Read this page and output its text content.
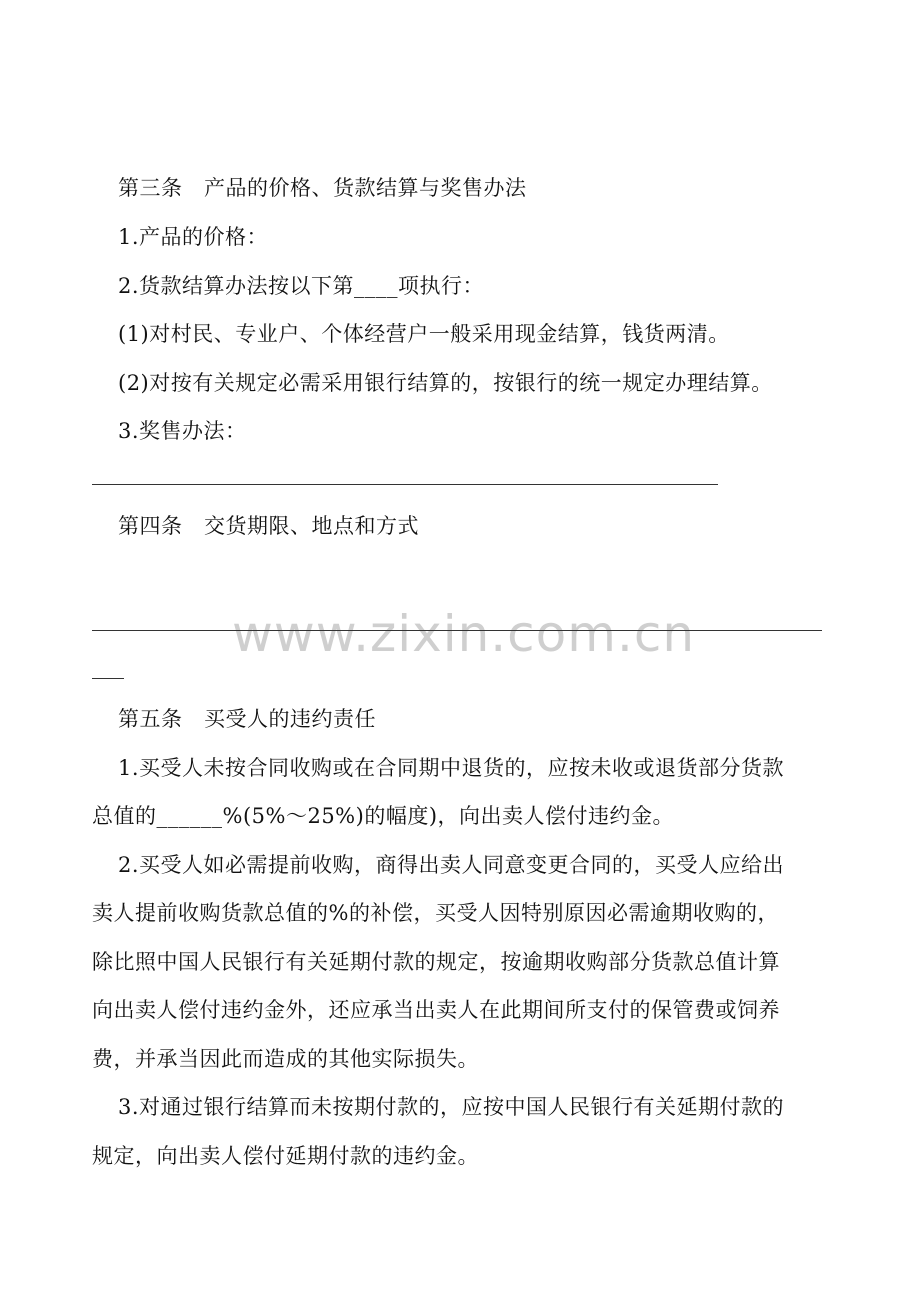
第三条　产品的价格、货款结算与奖售办法
1.产品的价格：
2.货款结算办法按以下第____项执行：
(1)对村民、专业户、个体经营户一般采用现金结算，钱货两清。
(2)对按有关规定必需采用银行结算的，按银行的统一规定办理结算。
3.奖售办法：
第四条　交货期限、地点和方式
www.zixin.com.cn
第五条　买受人的违约责任
1.买受人未按合同收购或在合同期中退货的，应按未收或退货部分货款
总值的______%(5%～25%)的幅度)，向出卖人偿付违约金。
2.买受人如必需提前收购，商得出卖人同意变更合同的，买受人应给出
卖人提前收购货款总值的%的补偿，买受人因特别原因必需逾期收购的，
除比照中国人民银行有关延期付款的规定，按逾期收购部分货款总值计算
向出卖人偿付违约金外，还应承当出卖人在此期间所支付的保管费或饲养
费，并承当因此而造成的其他实际损失。
3.对通过银行结算而未按期付款的，应按中国人民银行有关延期付款的
规定，向出卖人偿付延期付款的违约金。
